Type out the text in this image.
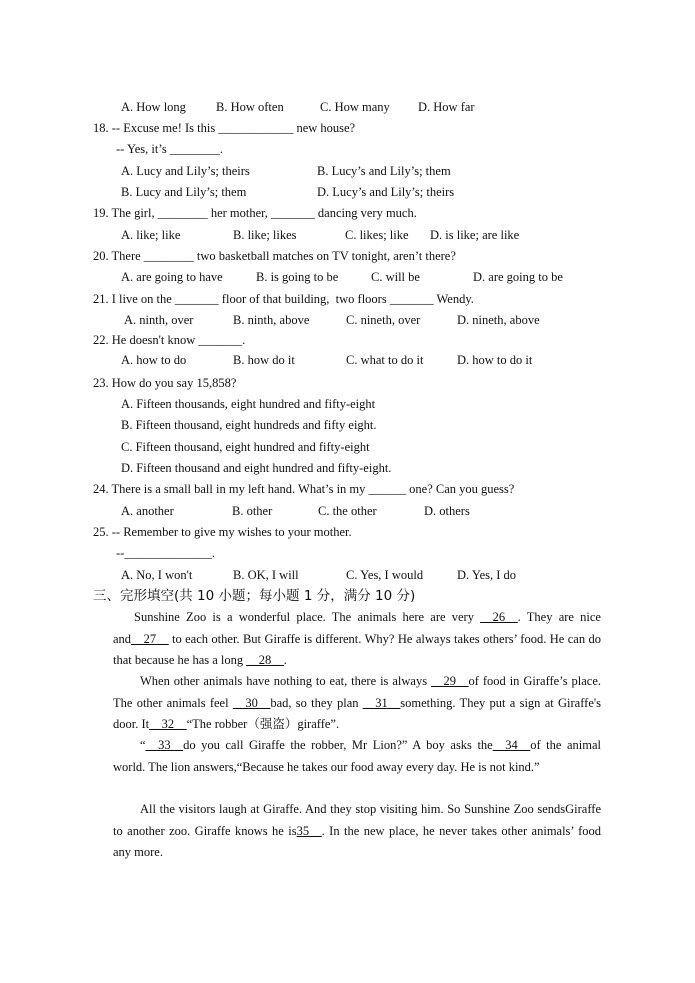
A. How long B. How often	C. How many D. How far
18. -- Excuse me! Is this ____________ new house?
-- Yes, it’s ________.
A. Lucy and Lily’s; theirs	B. Lucy’s and Lily’s; them
B. Lucy and Lily’s; them	D. Lucy’s and Lily’s; theirs
19. The girl, ________ her mother, _______ dancing very much.
A. like; like	B. like; likes	C. likes; like D. is like; are like
20. There ________ two basketball matches on TV tonight, aren’t there?
A. are going to have	B. is going to be	C. will be	D. are going to be
21. I live on the _______ floor of that building,  two floors _______ Wendy.
A. ninth, over	B. ninth, above	C. nineth, over	D. nineth, above
22. He doesn't know _______.
A. how to do	B. how do it	C. what to do it	D. how to do it
23. How do you say 15,858?
A. Fifteen thousands, eight hundred and fifty-eight
B. Fifteen thousand, eight hundreds and fifty eight.
C. Fifteen thousand, eight hundred and fifty-eight
D. Fifteen thousand and eight hundred and fifty-eight.
24. There is a small ball in my left hand. What’s in my ______ one? Can you guess?
A. another	B. other	C. the other	D. others
25. -- Remember to give my wishes to your mother.
--______________.
A. No, I won't	B. OK, I will	C. Yes, I would	D. Yes, I do
三、完形填空(共 10 小题；每小题 1 分，满分 10 分)
Sunshine Zoo is a wonderful place. The animals here are very __26__. They are nice and__27__ to each other. But Giraffe is different. Why? He always takes others’ food. He can do that because he has a long __28__.
When other animals have nothing to eat, there is always __29__of food in Giraffe’s place. The other animals feel __30__bad, so they plan __31__something. They put a sign at Giraffe's door. It__32__“The robber（强盗）giraffe”.
“__33__do you call Giraffe the robber, Mr Lion?” A boy asks the__34__of the animal world. The lion answers,“Because he takes our food away every day. He is not kind.”
All the visitors laugh at Giraffe. And they stop visiting him. So Sunshine Zoo sendsGiraffe to another zoo. Giraffe knows he is35__. In the new place, he never takes other animals’ food any more.
